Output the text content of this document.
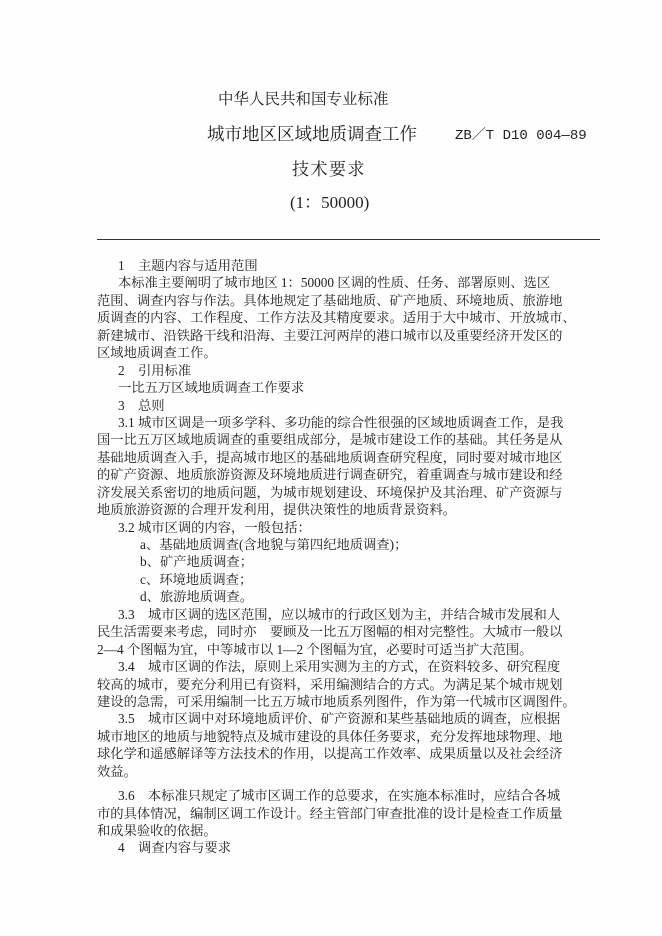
中华人民共和国专业标准
城市地区区域地质调查工作	ZB／T D10 004—89
技术要求
(1：50000)
1　主题内容与适用范围
本标准主要阐明了城市地区 1：50000 区调的性质、任务、部署原则、选区
范围、调查内容与作法。具体地规定了基础地质、矿产地质、环境地质、旅游地
质调查的内容、工作程度、工作方法及其精度要求。适用于大中城市、开放城市、
新建城市、沿铁路干线和沿海、主要江河两岸的港口城市以及重要经济开发区的
区域地质调查工作。
2　引用标准
一比五万区域地质调查工作要求
3　总则
3.1 城市区调是一项多学科、多功能的综合性很强的区域地质调查工作，是我
国一比五万区域地质调查的重要组成部分，是城市建设工作的基础。其任务是从
基础地质调查入手，提高城市地区的基础地质调查研究程度，同时要对城市地区
的矿产资源、地质旅游资源及环境地质进行调查研究，着重调查与城市建设和经
济发展关系密切的地质问题，为城市规划建设、环境保护及其治理、矿产资源与
地质旅游资源的合理开发利用，提供决策性的地质背景资料。
3.2 城市区调的内容，一般包括：
a、基础地质调查(含地貌与第四纪地质调查)；
b、矿产地质调查；
c、环境地质调查；
d、旅游地质调查。
3.3　城市区调的选区范围，应以城市的行政区划为主，并结合城市发展和人
民生活需要来考虑，同时亦　要顾及一比五万图幅的相对完整性。大城市一般以
2—4 个图幅为宜，中等城市以 1—2 个图幅为宜，必要时可适当扩大范围。
3.4　城市区调的作法，原则上采用实测为主的方式，在资料较多、研究程度
较高的城市，要充分利用已有资料，采用编测结合的方式。为满足某个城市规划
建设的急需，可采用编制一比五万城市地质系列图件，作为第一代城市区调图件。
3.5　城市区调中对环境地质评价、矿产资源和某些基础地质的调查，应根据
城市地区的地质与地貌特点及城市建设的具体任务要求，充分发挥地球物理、地
球化学和遥感解译等方法技术的作用，以提高工作效率、成果质量以及社会经济
效益。
3.6　本标准只规定了城市区调工作的总要求，在实施本标准时，应结合各城
市的具体情况，编制区调工作设计。经主管部门审查批准的设计是检查工作质量
和成果验收的依据。
4　调查内容与要求
